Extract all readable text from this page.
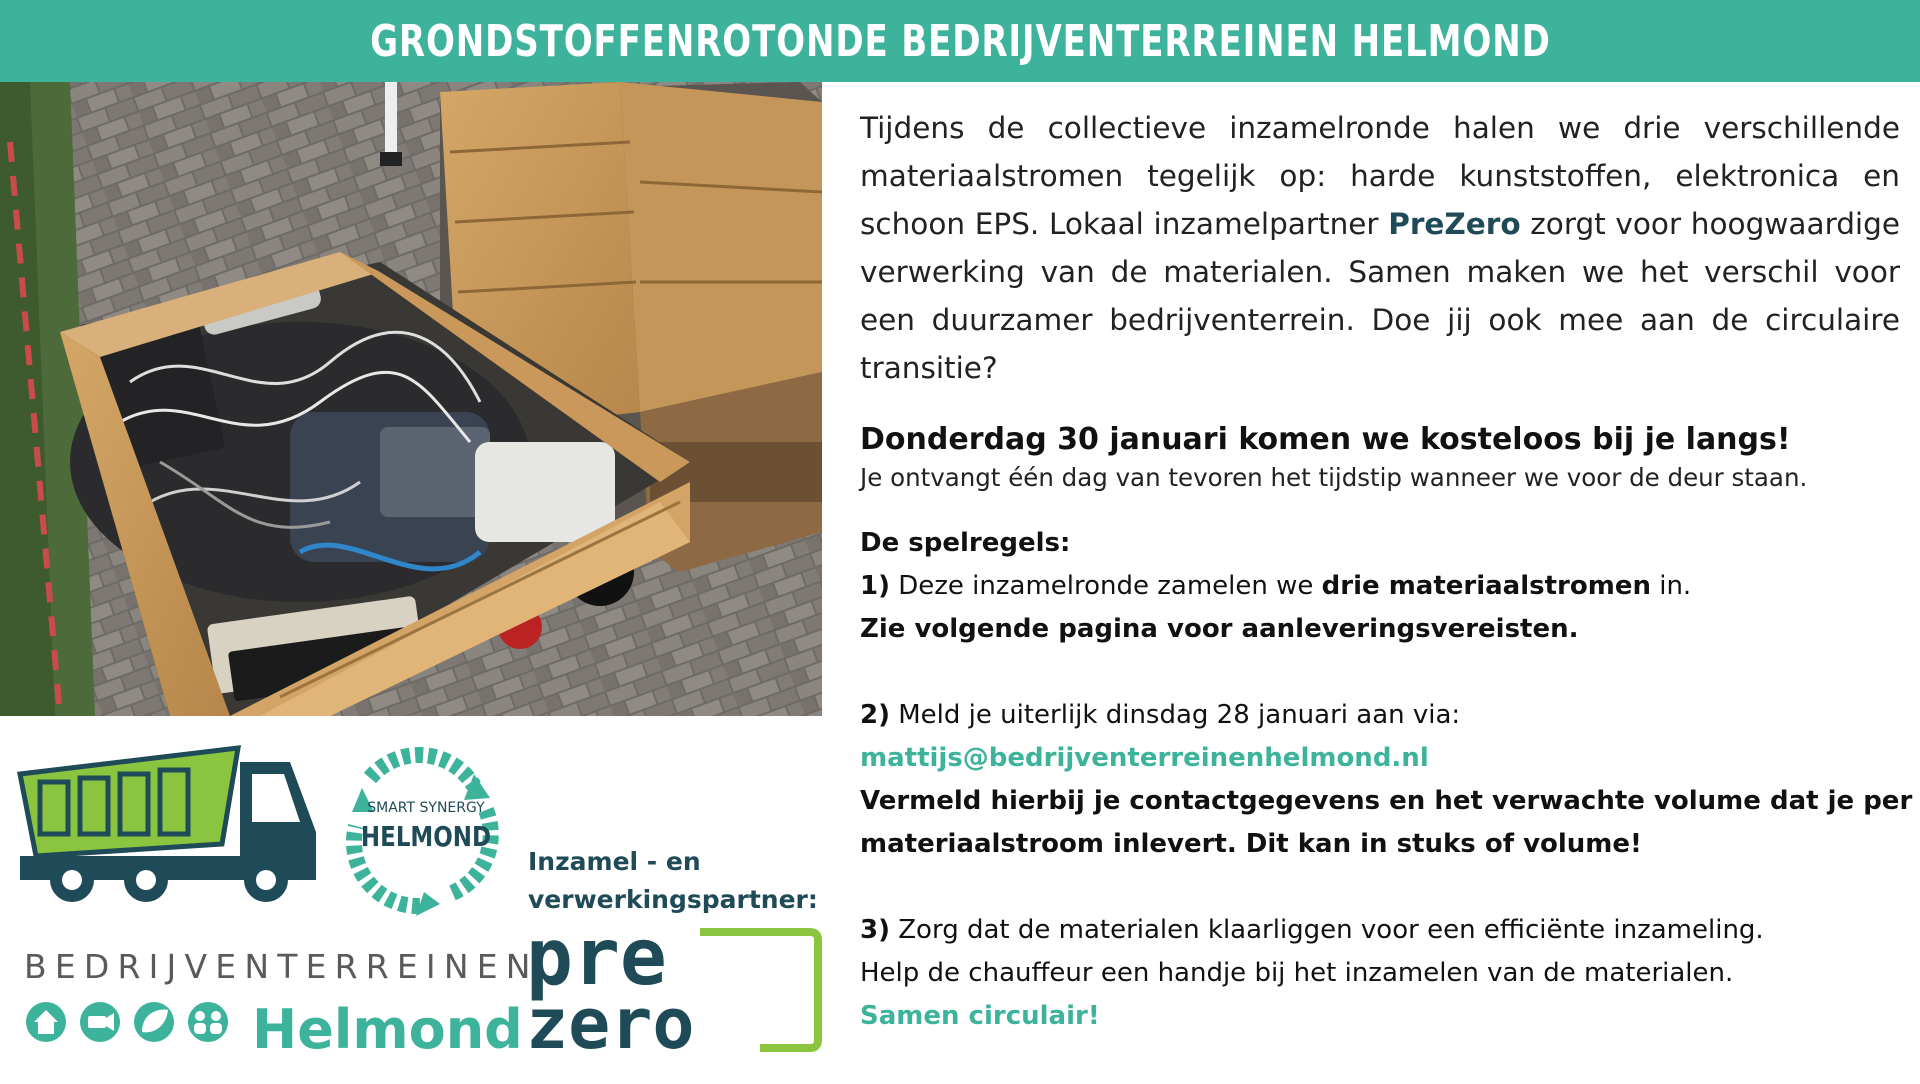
GRONDSTOFFENROTONDE BEDRIJVENTERREINEN HELMOND

Tijdens de collectieve inzamelronde halen we drie verschillende materiaalstromen tegelijk op: harde kunststoffen, elektronica en schoon EPS. Lokaal inzamelpartner PreZero zorgt voor hoogwaardige verwerking van de materialen. Samen maken we het verschil voor een duurzamer bedrijventerrein. Doe jij ook mee aan de circulaire transitie?

Donderdag 30 januari komen we kosteloos bij je langs!

Je ontvangt één dag van tevoren het tijdstip wanneer we voor de deur staan.

De spelregels:

1) Deze inzamelronde zamelen we drie materiaalstromen in.

Zie volgende pagina voor aanleveringsvereisten.

2) Meld je uiterlijk dinsdag 28 januari aan via:

mattijs@bedrijventerreinenhelmond.nl

Vermeld hierbij je contactgegevens en het verwachte volume dat je per

materiaalstroom inlevert. Dit kan in stuks of volume!

3) Zorg dat de materialen klaarliggen voor een efficiënte inzameling.

Help de chauffeur een handje bij het inzamelen van de materialen.

Samen circulair!

SMART SYNERGY
HELMOND
BEDRIJVENTERREINEN
Helmond
Inzamel - en
verwerkingspartner:
pre
zero
